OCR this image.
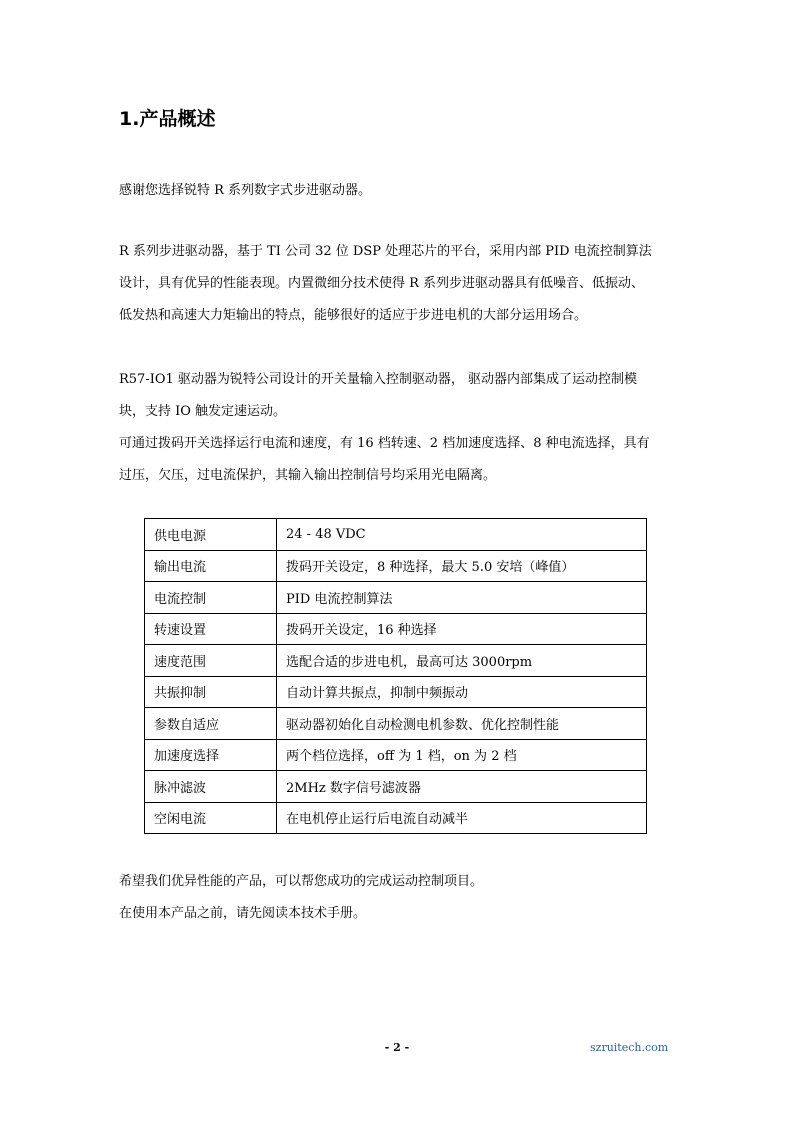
1.产品概述
感谢您选择锐特 R 系列数字式步进驱动器。
R 系列步进驱动器，基于 TI 公司 32 位 DSP 处理芯片的平台，采用内部 PID 电流控制算法
设计，具有优异的性能表现。内置微细分技术使得 R 系列步进驱动器具有低噪音、低振动、
低发热和高速大力矩输出的特点，能够很好的适应于步进电机的大部分运用场合。
R57-IO1 驱动器为锐特公司设计的开关量输入控制驱动器， 驱动器内部集成了运动控制模
块，支持 IO 触发定速运动。
可通过拨码开关选择运行电流和速度，有 16 档转速、2 档加速度选择、8 种电流选择，具有
过压，欠压，过电流保护，其输入输出控制信号均采用光电隔离。
供电电源	24 - 48 VDC
输出电流	拨码开关设定，8 种选择，最大 5.0 安培（峰值）
电流控制	PID 电流控制算法
转速设置	拨码开关设定，16 种选择
速度范围	选配合适的步进电机，最高可达 3000rpm
共振抑制	自动计算共振点，抑制中频振动
参数自适应	驱动器初始化自动检测电机参数、优化控制性能
加速度选择	两个档位选择，off 为 1 档，on 为 2 档
脉冲滤波	2MHz 数字信号滤波器
空闲电流	在电机停止运行后电流自动减半
希望我们优异性能的产品，可以帮您成功的完成运动控制项目。
在使用本产品之前，请先阅读本技术手册。
- 2 -	szruitech.com
